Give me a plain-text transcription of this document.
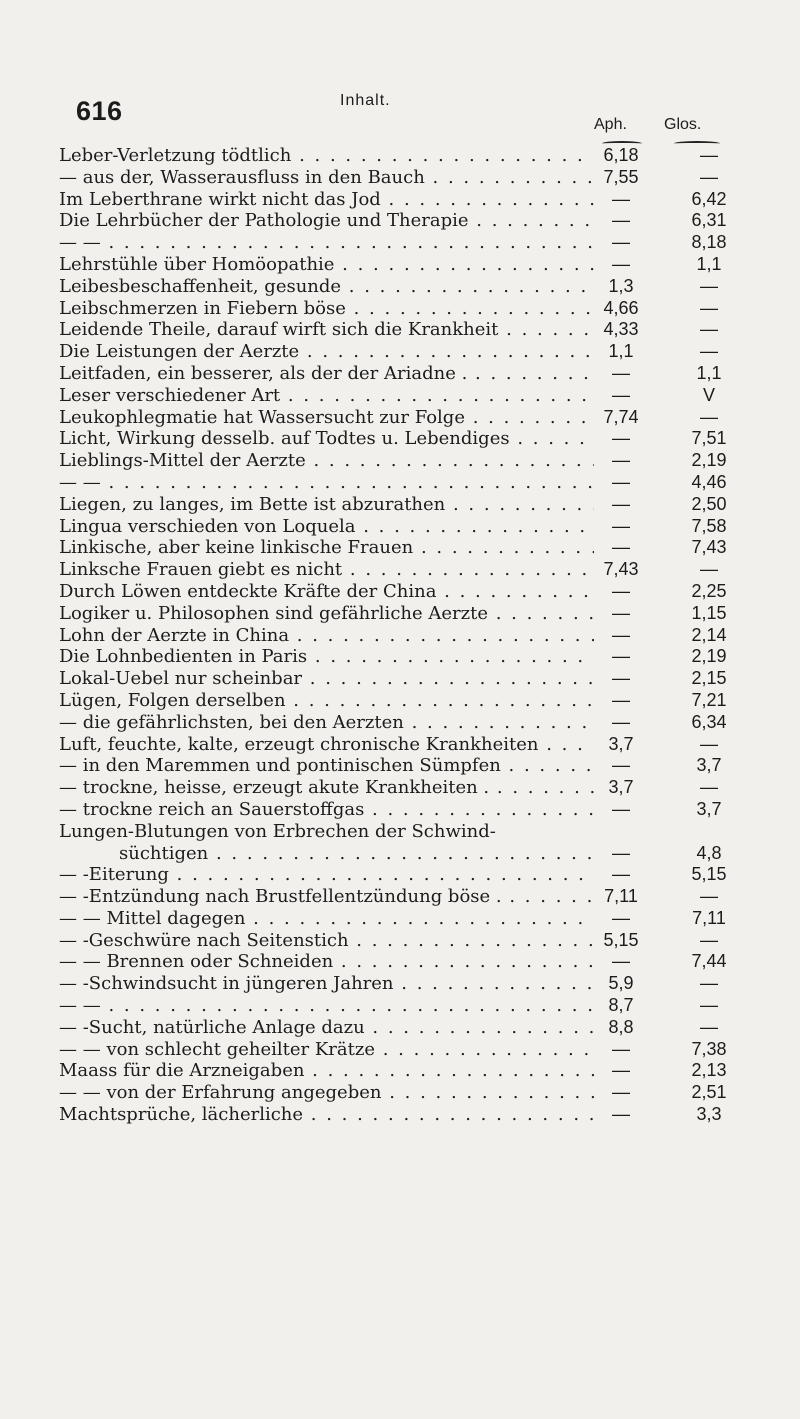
616	Inhalt.
Aph. Glos.
Leber-Verletzung tödtlich . . .	6,18	—
— aus der, Wasserausfluss in den Bauch . . .	7,55	—
Im Leberthrane wirkt nicht das Jod . . .	—	6,42
Die Lehrbücher der Pathologie und Therapie . . .	—	6,31
— — . . .	—	8,18
Lehrstühle über Homöopathie . . .	—	1,1
Leibesbeschaffenheit, gesunde . . .	1,3	—
Leibschmerzen in Fiebern böse . . .	4,66	—
Leidende Theile, darauf wirft sich die Krankheit . . .	4,33	—
Die Leistungen der Aerzte . . .	1,1	—
Leitfaden, ein besserer, als der der Ariadne . . . .	—	1,1
Leser verschiedener Art . . .	—	V
Leukophlegmatie hat Wassersucht zur Folge . . .	7,74	—
Licht, Wirkung desselb. auf Todtes u. Lebendiges . . .	—	7,51
Lieblings-Mittel der Aerzte . . .	—	2,19
— — . . .	—	4,46
Liegen, zu langes, im Bette ist abzurathen . . .	—	2,50
Lingua verschieden von Loquela . . .	—	7,58
Linkische, aber keine linkische Frauen . . .	—	7,43
Linksche Frauen giebt es nicht . . .	7,43	—
Durch Löwen entdeckte Kräfte der China . . .	—	2,25
Logiker u. Philosophen sind gefährliche Aerzte . . .	—	1,15
Lohn der Aerzte in China . . .	—	2,14
Die Lohnbedienten in Paris . . .	—	2,19
Lokal-Uebel nur scheinbar . . .	—	2,15
Lügen, Folgen derselben . . .	—	7,21
— die gefährlichsten, bei den Aerzten . . .	—	6,34
Luft, feuchte, kalte, erzeugt chronische Krankheiten . . .	3,7	—
— in den Maremmen und pontinischen Sümpfen . . .	—	3,7
— trockne, heisse, erzeugt akute Krankheiten . . . .	3,7	—
— trockne reich an Sauerstoffgas . . .	—	3,7
Lungen-Blutungen von Erbrechen der Schwind-
süchtigen . . .	—	4,8
— -Eiterung . . .	—	5,15
— -Entzündung nach Brustfellentzündung böse . . . .	7,11	—
— — Mittel dagegen . . .	—	7,11
— -Geschwüre nach Seitenstich . . .	5,15	—
— — Brennen oder Schneiden . . .	—	7,44
— -Schwindsucht in jüngeren Jahren . . .	5,9	—
— — . . .	8,7	—
— -Sucht, natürliche Anlage dazu . . .	8,8	—
— — von schlecht geheilter Krätze . . .	—	7,38
Maass für die Arzneigaben . . .	—	2,13
— — von der Erfahrung angegeben . . .	—	2,51
Machtsprüche, lächerliche . . .	—	3,3
